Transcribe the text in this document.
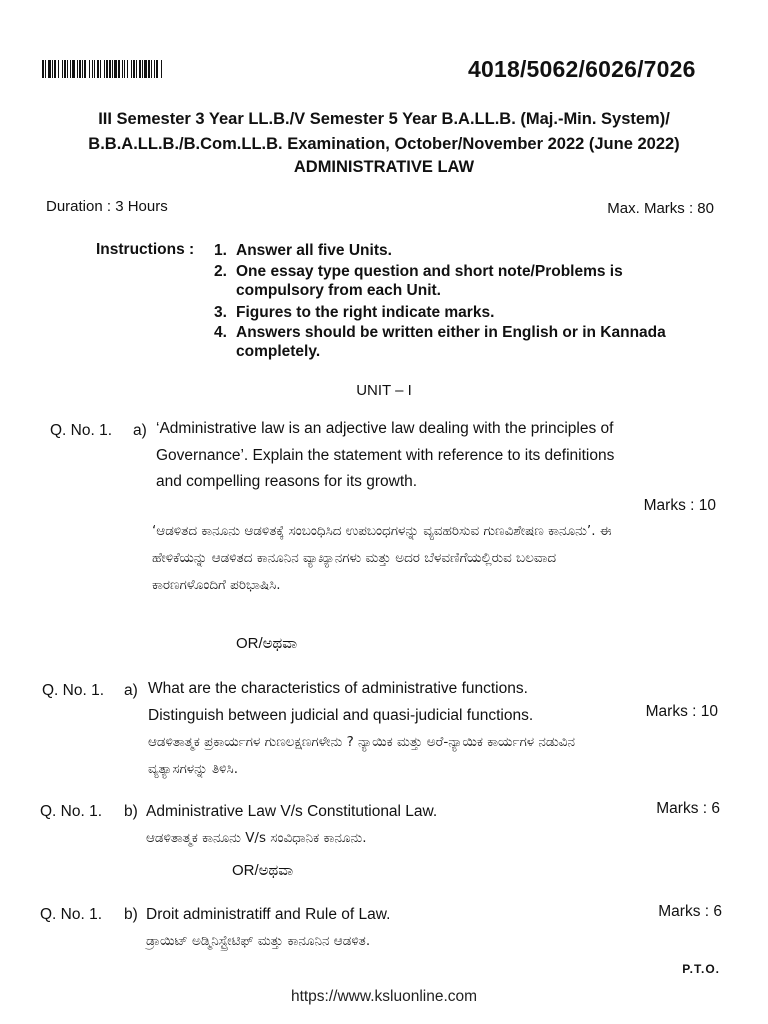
4018/5062/6026/7026
III Semester 3 Year LL.B./V Semester 5 Year B.A.LL.B. (Maj.-Min. System)/
B.B.A.LL.B./B.Com.LL.B. Examination, October/November 2022 (June 2022)
ADMINISTRATIVE LAW
Duration : 3 Hours	Max. Marks : 80
Instructions : 1. Answer all five Units.
2. One essay type question and short note/Problems is compulsory from each Unit.
3. Figures to the right indicate marks.
4. Answers should be written either in English or in Kannada completely.
UNIT – I
Q. No. 1. a) ‘Administrative law is an adjective law dealing with the principles of Governance’. Explain the statement with reference to its definitions and compelling reasons for its growth.
Marks : 10
‘ಆಡಳಿತದ ಕಾನೂನು ಆಡಳಿತಕ್ಕೆ ಸಂಬಂಧಿಸಿದ ಉಪಬಂಧಗಳನ್ನು ವ್ಯವಹರಿಸುವ ಗುಣವಿಶೇಷಣ ಕಾನೂನು’. ಈ ಹೇಳಿಕೆಯನ್ನು ಆಡಳಿತದ ಕಾನೂನಿನ ವ್ಯಾಖ್ಯಾನಗಳು ಮತ್ತು ಅದರ ಬೆಳವಣಿಗೆಯಲ್ಲಿರುವ ಬಲವಾದ ಕಾರಣಗಳೊಂದಿಗೆ ಪರಿಭಾಷಿಸಿ.
OR/ಅಥವಾ
Q. No. 1. a) What are the characteristics of administrative functions. Distinguish between judicial and quasi-judicial functions.	Marks : 10
ಆಡಳಿತಾತ್ಮಕ ಪ್ರಕಾರ್ಯಗಳ ಗುಣಲಕ್ಷಣಗಳೇನು ? ನ್ಯಾಯಿಕ ಮತ್ತು ಅರೆ-ನ್ಯಾಯಿಕ ಕಾರ್ಯಗಳ ನಡುವಿನ ವ್ಯತ್ಯಾಸಗಳನ್ನು ತಿಳಿಸಿ.
Q. No. 1. b) Administrative Law V/s Constitutional Law.	Marks : 6
ಆಡಳಿತಾತ್ಮಕ ಕಾನೂನು V/s ಸಂವಿಧಾನಿಕ ಕಾನೂನು.
OR/ಅಥವಾ
Q. No. 1. b) Droit administratiff and Rule of Law.	Marks : 6
ಡ್ರಾಯಿಟ್ ಅಡ್ಮಿನಿಸ್ಟ್ರೇಟಿಫ್ ಮತ್ತು ಕಾನೂನಿನ ಆಡಳಿತ.
P.T.O.
https://www.ksluonline.com
